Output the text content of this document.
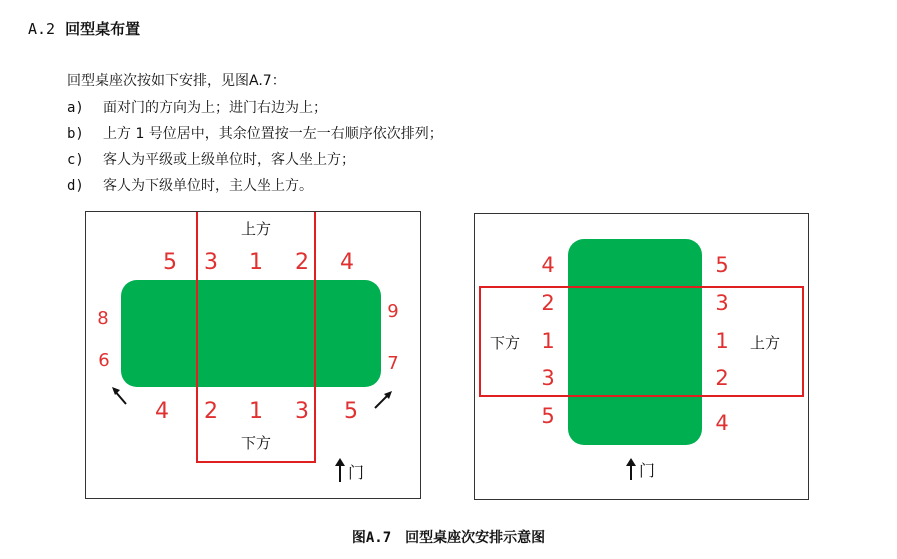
A.2 回型桌布置
回型桌座次按如下安排，见图A.7：
a) 面对门的方向为上；进门右边为上；
b) 上方 1 号位居中，其余位置按一左一右顺序依次排列；
c) 客人为平级或上级单位时，客人坐上方；
d) 客人为下级单位时，主人坐上方。
上方
下方
5 3 1 2 4
4 2 1 3 5
8
6
9
7
门
下方	上方
4
2
1
3
5
5
3
1
2
4
门
图A.7 回型桌座次安排示意图
